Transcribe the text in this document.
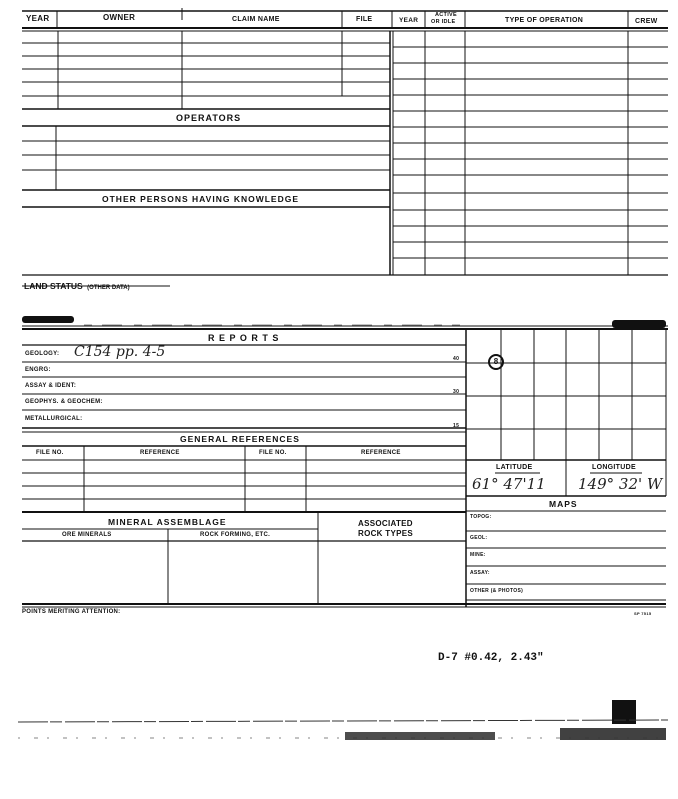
YEAR	OWNER	CLAIM NAME	FILE	YEAR
ACTIVE
OR IDLE	TYPE OF OPERATION	CREW
OPERATORS
OTHER PERSONS HAVING KNOWLEDGE
LAND STATUS (OTHER DATA)
R E P O R T S
GEOLOGY:
ENGRG:
ASSAY & IDENT:
GEOPHYS. & GEOCHEM:
METALLURGICAL:
40
30
15
C154 pp. 4-5
GENERAL REFERENCES
FILE NO.	REFERENCE	FILE NO.	REFERENCE
8
LATITUDE	LONGITUDE
61° 47'11 149° 32' W
MAPS
TOPOG:
GEOL:
MINE:
ASSAY:
OTHER (& PHOTOS)
MINERAL ASSEMBLAGE
ORE MINERALS	ROCK FORMING, ETC.
ASSOCIATED
ROCK TYPES
POINTS MERITING ATTENTION:	SP 7515
D-7 #0.42, 2.43"
